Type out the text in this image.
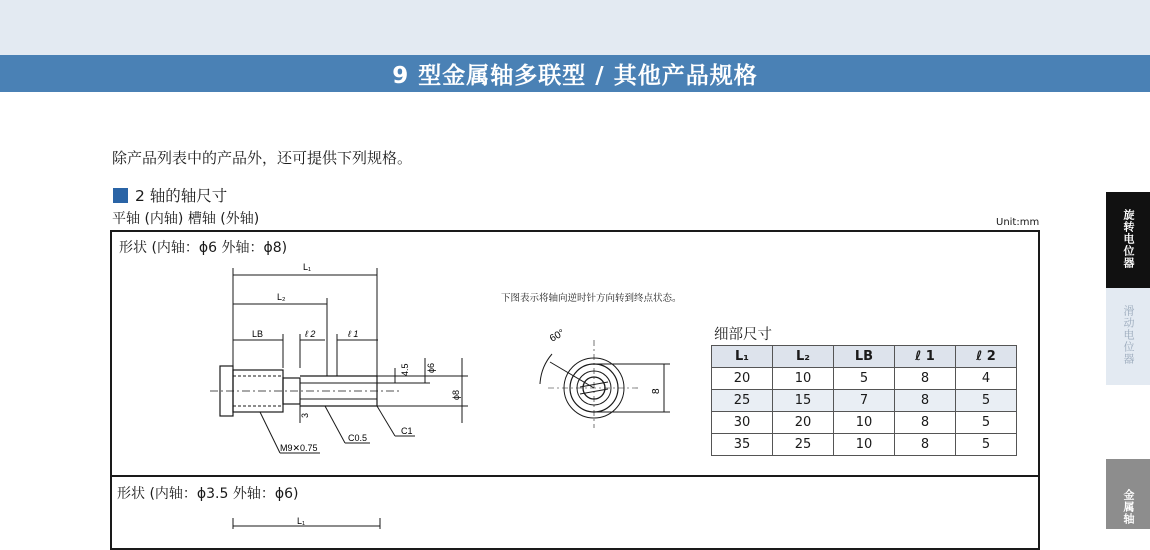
9 型金属轴多联型 / 其他产品规格
除产品列表中的产品外，还可提供下列规格。
2 轴的轴尺寸
平轴 (内轴) 槽轴 (外轴)	Unit:mm
形状 (内轴：ϕ6 外轴：ϕ8)
L₁
L₂
LB	ℓ 2	ℓ 1
4.5 ϕ6
ϕ8
3
C0.5
C1
M9✕0.75
下图表示将轴向逆时针方向转到终点状态。
60°
8
细部尺寸
L₁	L₂	LB	ℓ 1	ℓ 2
20	10	5	8	4
25	15	7	8	5
30	20	10	8	5
35	25	10	8	5
形状 (内轴：ϕ3.5 外轴：ϕ6)
L₁
旋转电位器
滑动电位器
金属轴
